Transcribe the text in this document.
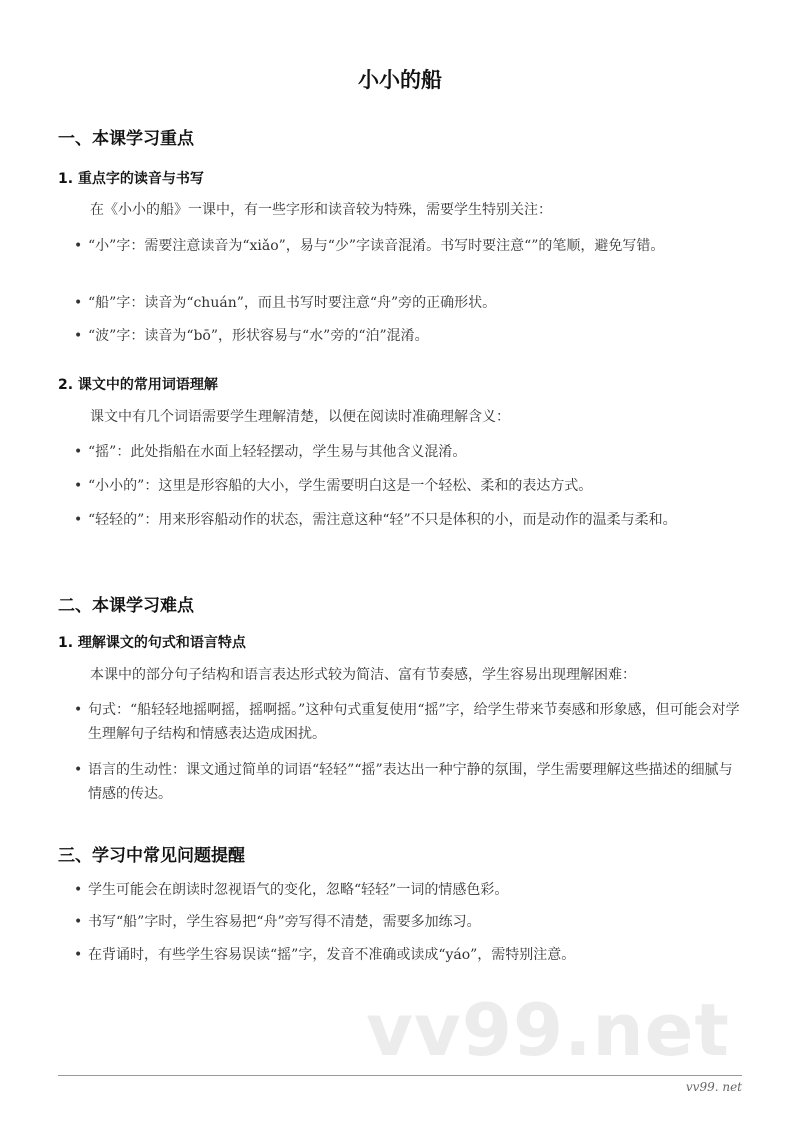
小小的船
一、本课学习重点
1. 重点字的读音与书写

在《小小的船》一课中，有一些字形和读音较为特殊，需要学生特别关注：

• “小”字：需要注意读音为“xiǎo”，易与“少”字读音混淆。书写时要注意“”的笔顺，避免写错。
• “船”字：读音为“chuán”，而且书写时要注意“舟”旁的正确形状。
• “波”字：读音为“bō”，形状容易与“水”旁的“泊”混淆。
2. 课文中的常用词语理解

课文中有几个词语需要学生理解清楚，以便在阅读时准确理解含义：

• “摇”：此处指船在水面上轻轻摆动，学生易与其他含义混淆。
• “小小的”：这里是形容船的大小，学生需要明白这是一个轻松、柔和的表达方式。
• “轻轻的”：用来形容船动作的状态，需注意这种“轻”不只是体积的小，而是动作的温柔与柔和。
二、本课学习难点
1. 理解课文的句式和语言特点

本课中的部分句子结构和语言表达形式较为简洁、富有节奏感，学生容易出现理解困难：

• 句式：“船轻轻地摇啊摇，摇啊摇。”这种句式重复使用“摇”字，给学生带来节奏感和形象感，但可能会对学生理解句子结构和情感表达造成困扰。
• 语言的生动性：课文通过简单的词语“轻轻”“摇”表达出一种宁静的氛围，学生需要理解这些描述的细腻与情感的传达。
三、学习中常见问题提醒
• 学生可能会在朗读时忽视语气的变化，忽略“轻轻”一词的情感色彩。
• 书写“船”字时，学生容易把“舟”旁写得不清楚，需要多加练习。
• 在背诵时，有些学生容易误读“摇”字，发音不准确或读成“yáo”，需特别注意。

vv99.net

vv99. net
